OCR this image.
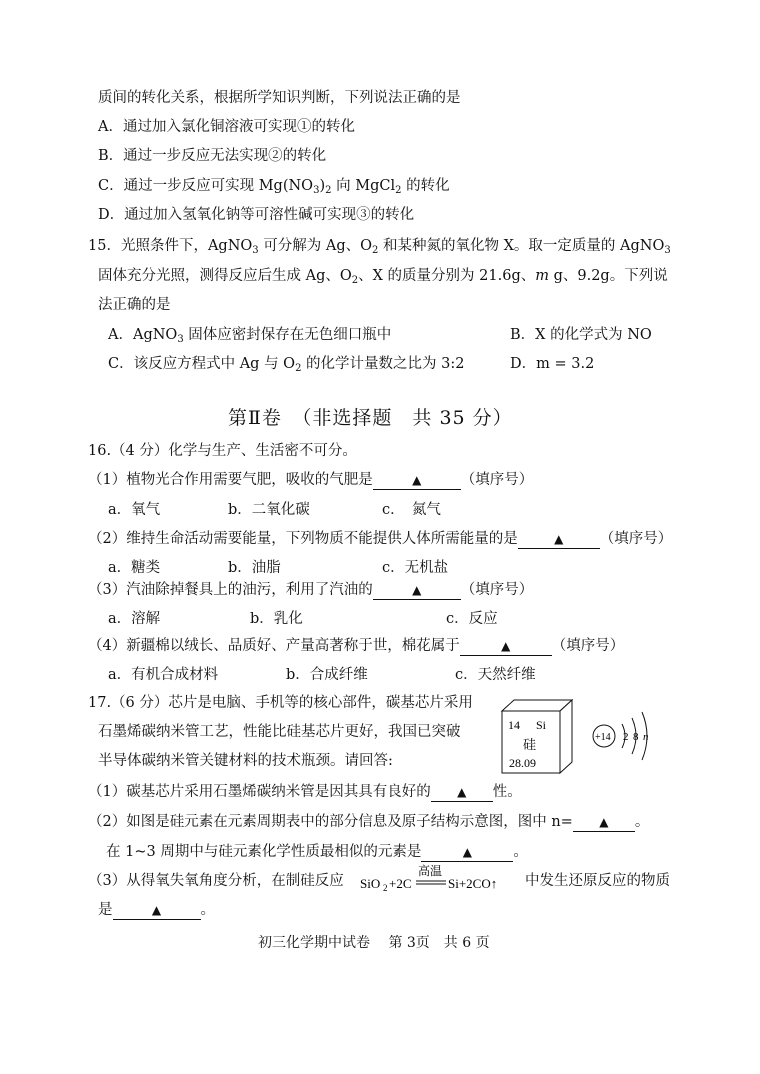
质间的转化关系，根据所学知识判断，下列说法正确的是
A．通过加入氯化铜溶液可实现①的转化
B．通过一步反应无法实现②的转化
C．通过一步反应可实现 $Mg(NO_3)_2$ 向 MgCl$_2$ 的转化
D．通过加入氢氧化钠等可溶性碱可实现③的转化
15．光照条件下，AgNO$_3$ 可分解为 Ag、$O_2$ 和某种氮的氧化物 X。取一定质量的 AgNO$_3$
固体充分光照，测得反应后生成 Ag、$O_2$、X 的质量分别为 21.6g、m g、9.2g。下列说
法正确的是
A．AgNO$_3$ 固体应密封保存在无色细口瓶中	B．X 的化学式为 NO
C．该反应方程式中 Ag 与 $O_2$ 的化学计量数之比为 3:2	D．m = 3.2
第Ⅱ卷　（非选择题　共 35 分）
16.（4 分）化学与生产、生活密不可分。
（1）植物光合作用需要气肥，吸收的气肥是	▲	（填序号）
a．氧气	b．二氧化碳	c．　氮气
（2）维持生命活动需要能量，下列物质不能提供人体所需能量的是	▲	（填序号）
a．糖类	b．油脂	c．无机盐
（3）汽油除掉餐具上的油污，利用了汽油的	▲	（填序号）
a．溶解	b．乳化	c．反应
（4）新疆棉以绒长、品质好、产量高著称于世，棉花属于	▲	（填序号）
a．有机合成材料	b．合成纤维	c．天然纤维
17.（6 分）芯片是电脑、手机等的核心部件，碳基芯片采用
石墨烯碳纳米管工艺，性能比硅基芯片更好，我国已突破
半导体碳纳米管关键材料的技术瓶颈。请回答:
14 Si
硅
28.09
+14 2 8 n
（1）碳基芯片采用石墨烯碳纳米管是因其具有良好的 ▲ 性。
（2）如图是硅元素在元素周期表中的部分信息及原子结构示意图，图中 n= ▲ 。
在 1~3 周期中与硅元素化学性质最相似的元素是	▲	。
（3）从得氧失氧角度分析，在制硅反应
高温
SiO 2 +2C	Si+2CO↑ 中发生还原反应的物质
是	▲	。
初三化学期中试卷　 第 3页　共 6 页
